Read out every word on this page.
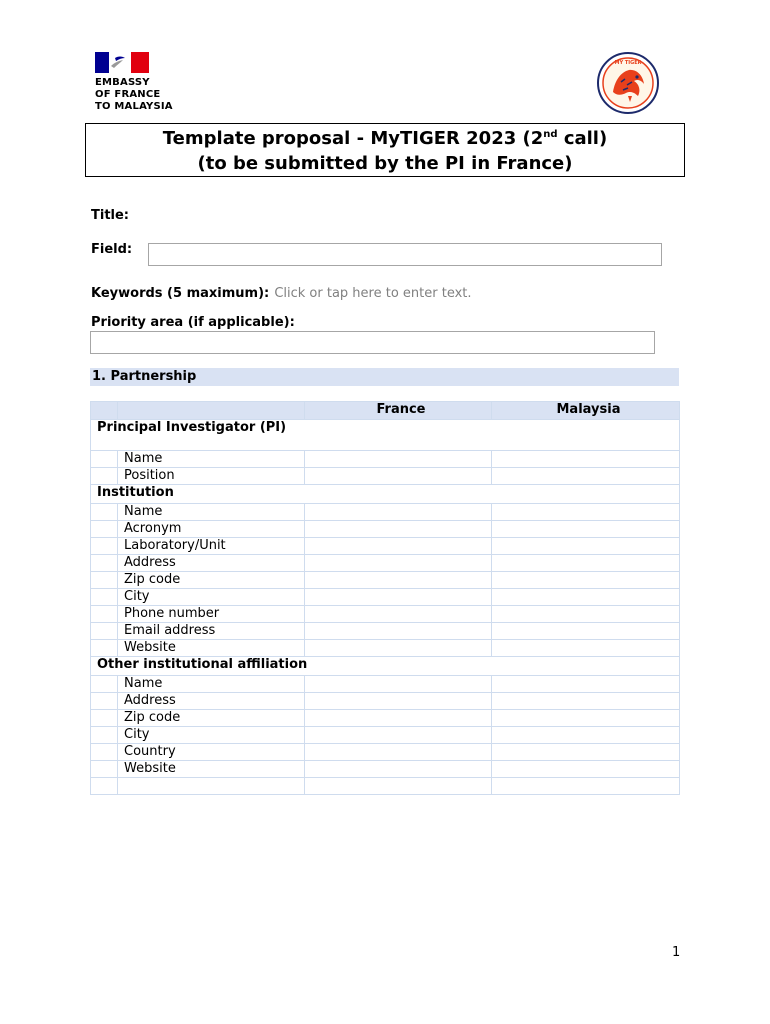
EMBASSY
OF FRANCE
TO MALAYSIA
MY TIGER
Template proposal - MyTIGER 2023 (2nd call)
(to be submitted by the PI in France)
Title:
Field:
Keywords (5 maximum): Click or tap here to enter text.
Priority area (if applicable):
1. Partnership
		France	Malaysia
Principal Investigator (PI)			
	Name		
	Position		
Institution			
	Name		
	Acronym		
	Laboratory/Unit		
	Address		
	Zip code		
	City		
	Phone number		
	Email address		
	Website		
Other institutional affiliation			
	Name		
	Address		
	Zip code		
	City		
	Country		
	Website		

1
